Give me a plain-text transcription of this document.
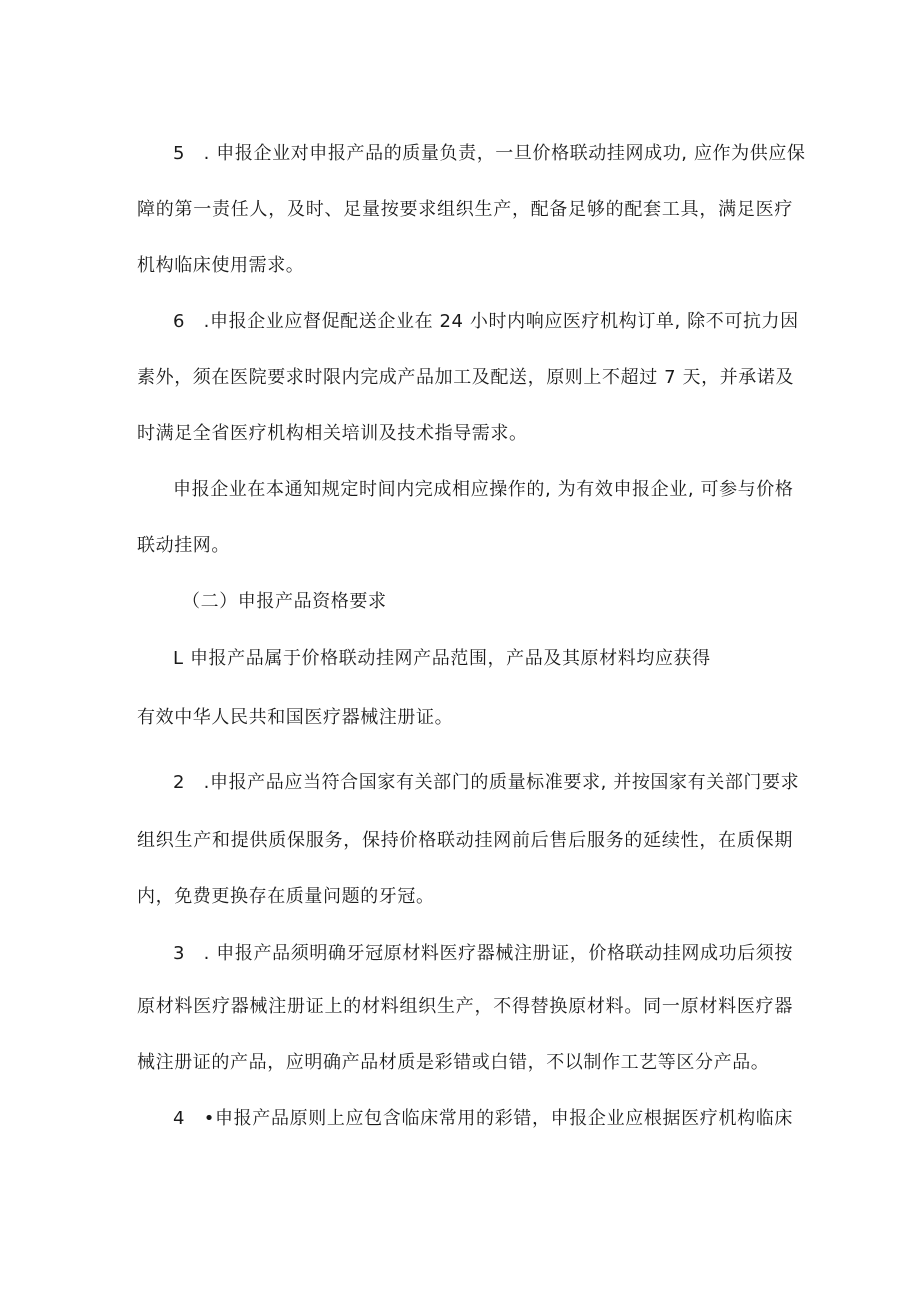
5　. 申报企业对申报产品的质量负责，一旦价格联动挂网成功, 应作为供应保
障的第一责任人，及时、足量按要求组织生产，配备足够的配套工具，满足医疗
机构临床使用需求。
6　.申报企业应督促配送企业在 24 小时内响应医疗机构订单, 除不可抗力因
素外，须在医院要求时限内完成产品加工及配送，原则上不超过 7 天，并承诺及
时满足全省医疗机构相关培训及技术指导需求。
申报企业在本通知规定时间内完成相应操作的, 为有效申报企业, 可参与价格
联动挂网。
（二）申报产品资格要求
L 申报产品属于价格联动挂网产品范围，产品及其原材料均应获得
有效中华人民共和国医疗器械注册证。
2　.申报产品应当符合国家有关部门的质量标准要求, 并按国家有关部门要求
组织生产和提供质保服务，保持价格联动挂网前后售后服务的延续性，在质保期
内，免费更换存在质量问题的牙冠。
3　. 申报产品须明确牙冠原材料医疗器械注册证，价格联动挂网成功后须按
原材料医疗器械注册证上的材料组织生产，不得替换原材料。同一原材料医疗器
械注册证的产品，应明确产品材质是彩错或白错，不以制作工艺等区分产品。
4　•申报产品原则上应包含临床常用的彩错，申报企业应根据医疗机构临床
